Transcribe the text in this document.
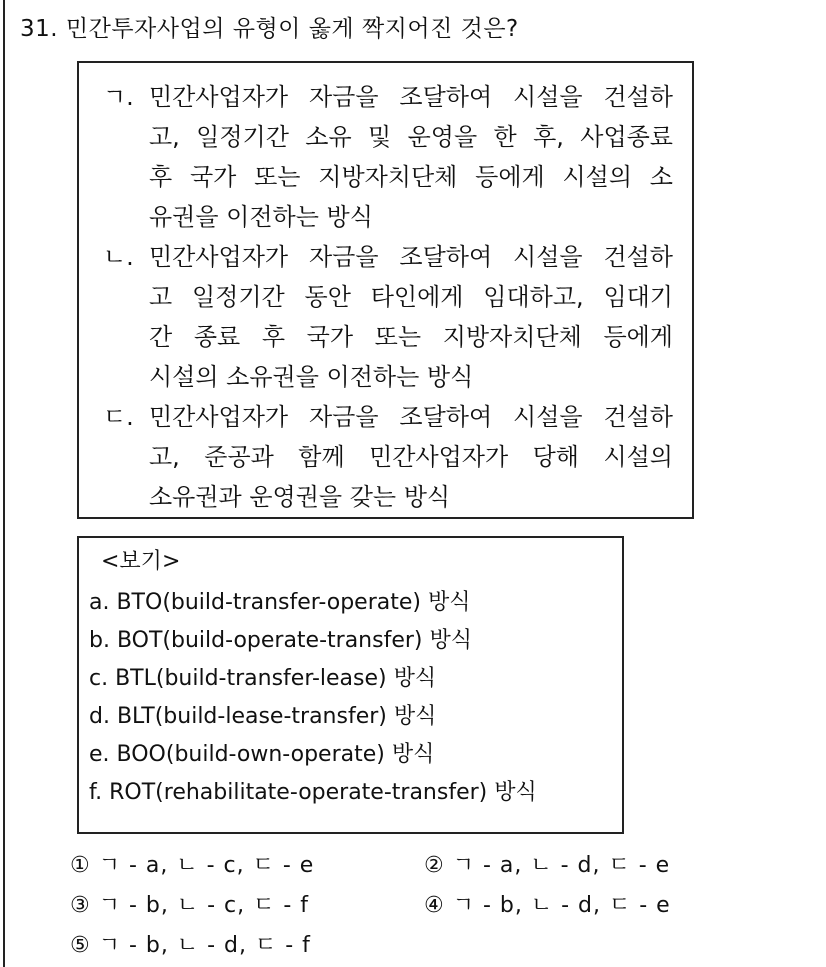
31. 민간투자사업의 유형이 옳게 짝지어진 것은?
ㄱ. 민간사업자가 자금을 조달하여 시설을 건설하
고, 일정기간 소유 및 운영을 한 후, 사업종료
후 국가 또는 지방자치단체 등에게 시설의 소
유권을 이전하는 방식
ㄴ. 민간사업자가 자금을 조달하여 시설을 건설하
고 일정기간 동안 타인에게 임대하고, 임대기
간 종료 후 국가 또는 지방자치단체 등에게
시설의 소유권을 이전하는 방식
ㄷ. 민간사업자가 자금을 조달하여 시설을 건설하
고, 준공과 함께 민간사업자가 당해 시설의
소유권과 운영권을 갖는 방식
<보기>
a. BTO(build-transfer-operate) 방식
b. BOT(build-operate-transfer) 방식
c. BTL(build-transfer-lease) 방식
d. BLT(build-lease-transfer) 방식
e. BOO(build-own-operate) 방식
f. ROT(rehabilitate-operate-transfer) 방식
① ㄱ - a, ㄴ - c, ㄷ - e	② ㄱ - a, ㄴ - d, ㄷ - e
③ ㄱ - b, ㄴ - c, ㄷ - f	④ ㄱ - b, ㄴ - d, ㄷ - e
⑤ ㄱ - b, ㄴ - d, ㄷ - f
